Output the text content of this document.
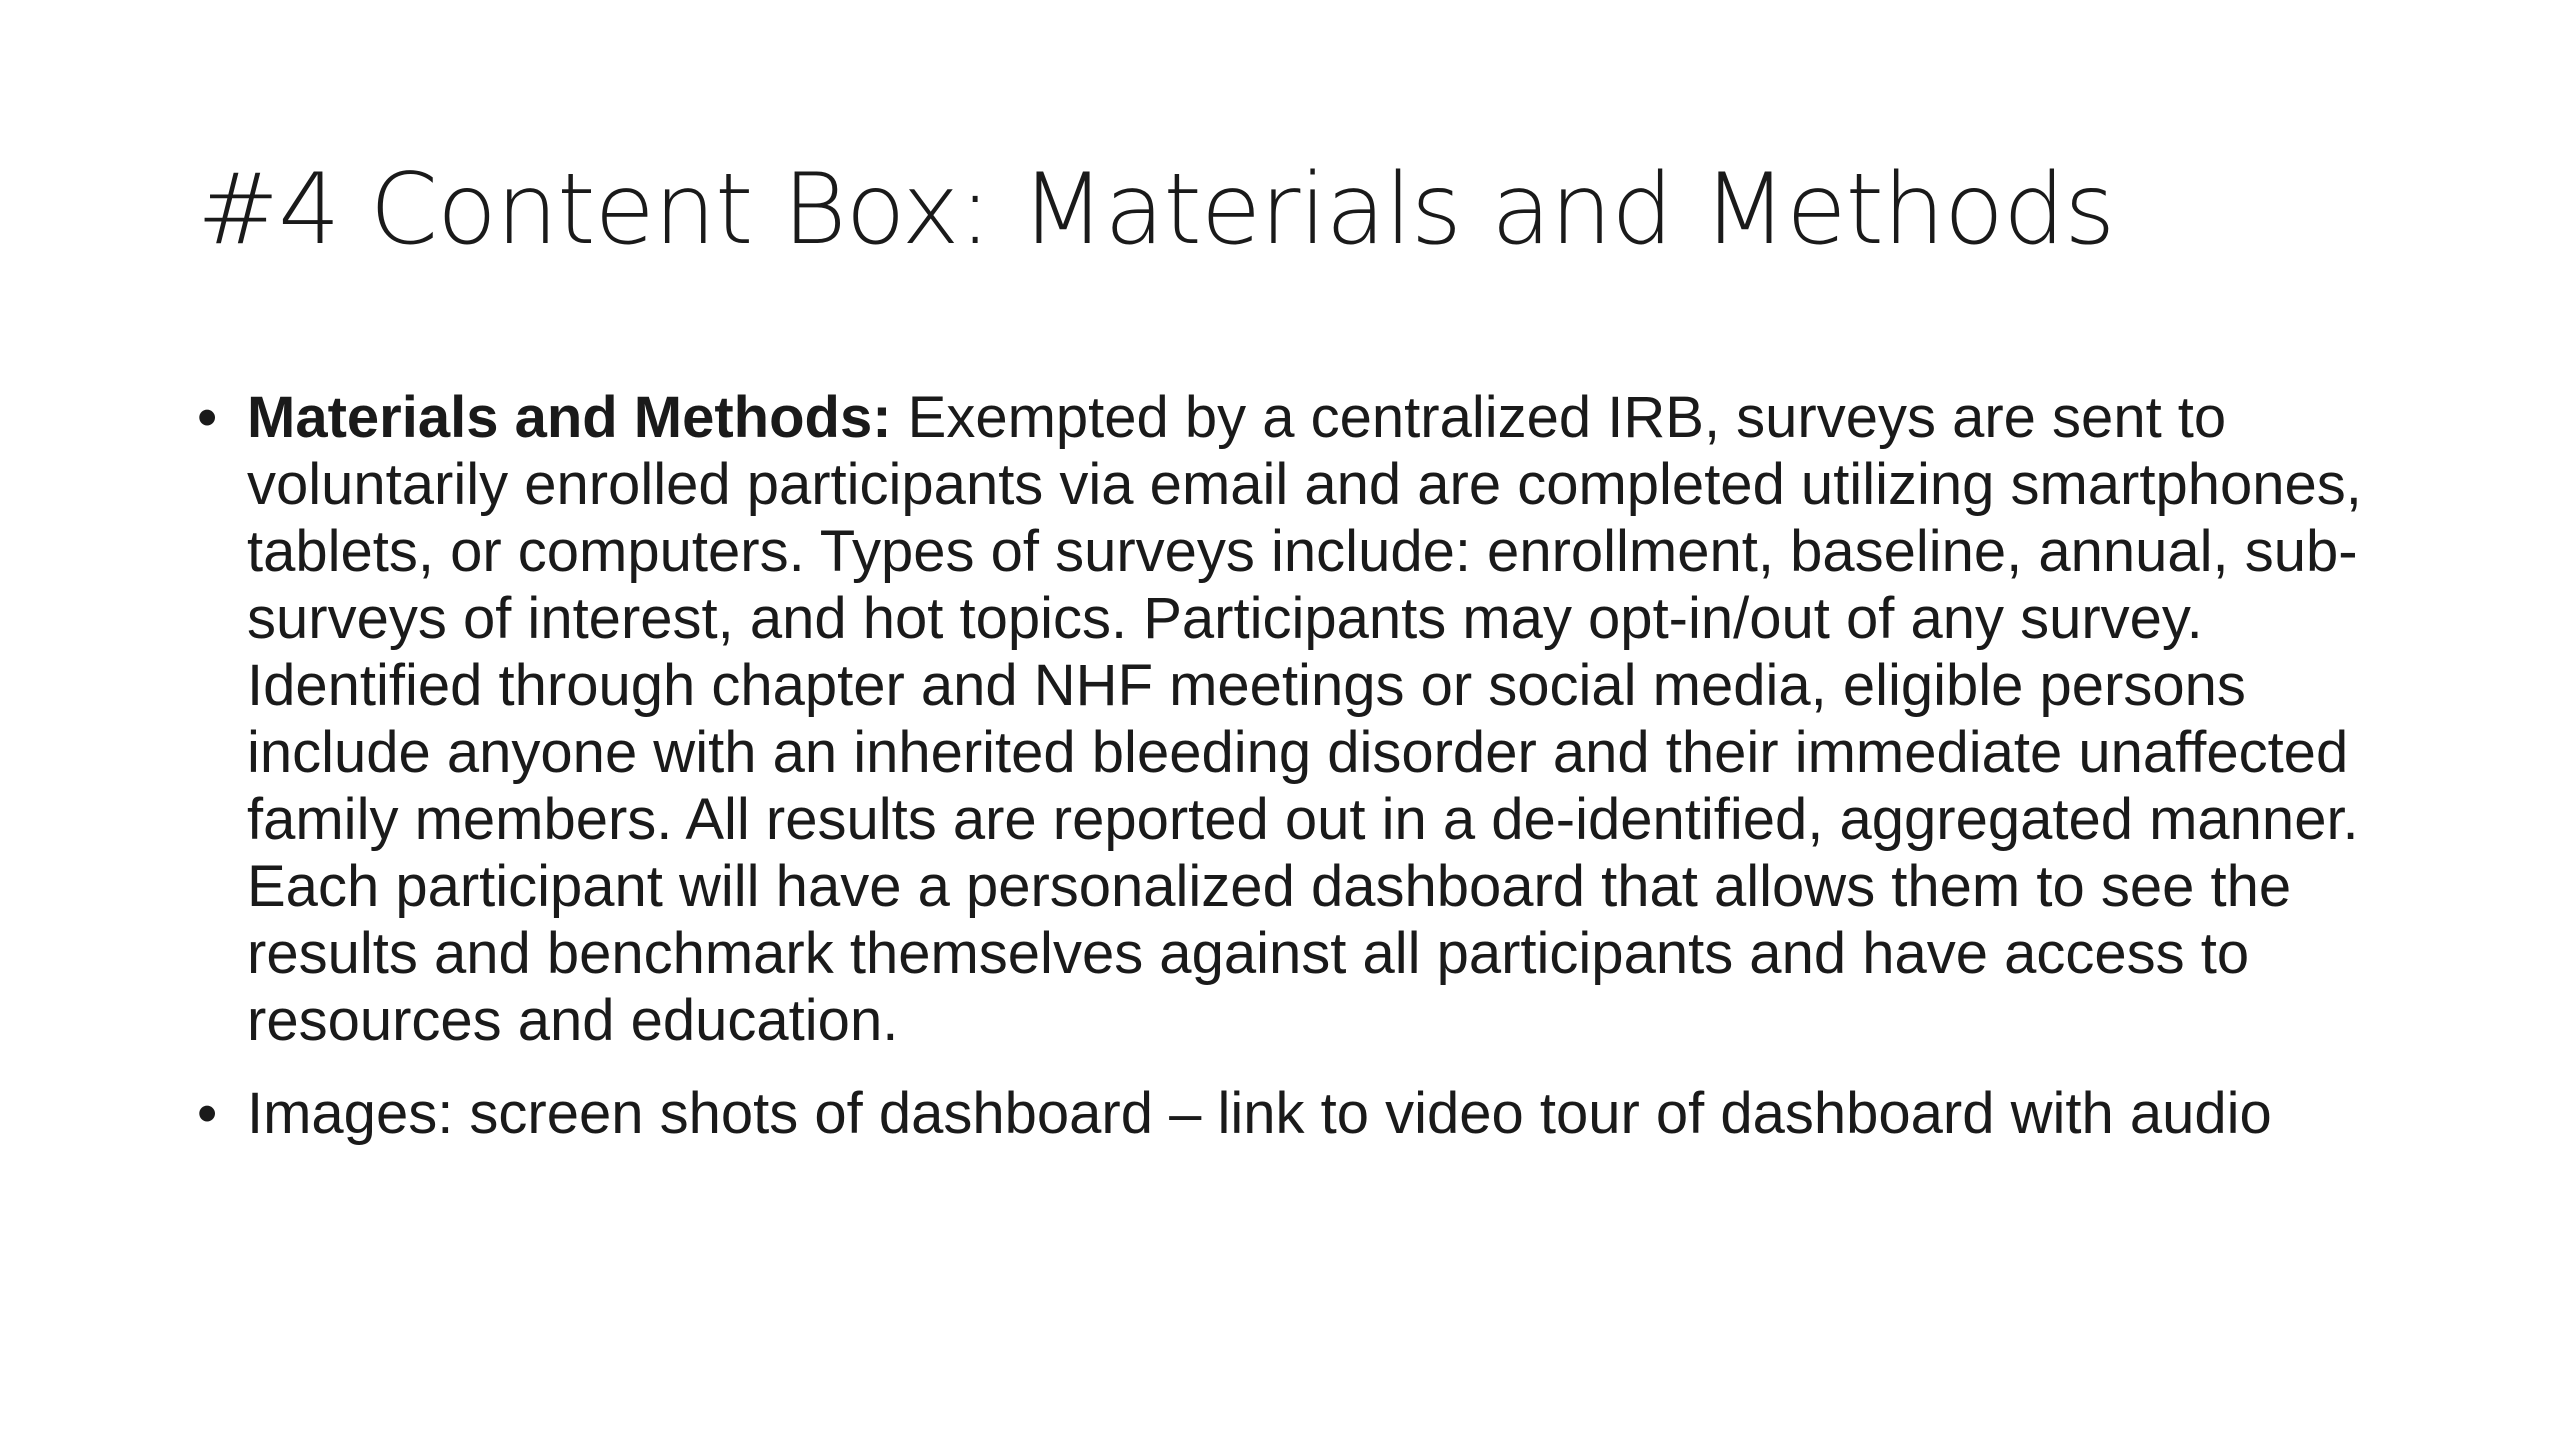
#4 Content Box: Materials and Methods
• Materials and Methods: Exempted by a centralized IRB, surveys are sent to voluntarily enrolled participants via email and are completed utilizing smartphones, tablets, or computers. Types of surveys include: enrollment, baseline, annual, sub-surveys of interest, and hot topics. Participants may opt-in/out of any survey. Identified through chapter and NHF meetings or social media, eligible persons include anyone with an inherited bleeding disorder and their immediate unaffected family members. All results are reported out in a de-identified, aggregated manner. Each participant will have a personalized dashboard that allows them to see the results and benchmark themselves against all participants and have access to resources and education.
• Images: screen shots of dashboard – link to video tour of dashboard with audio
